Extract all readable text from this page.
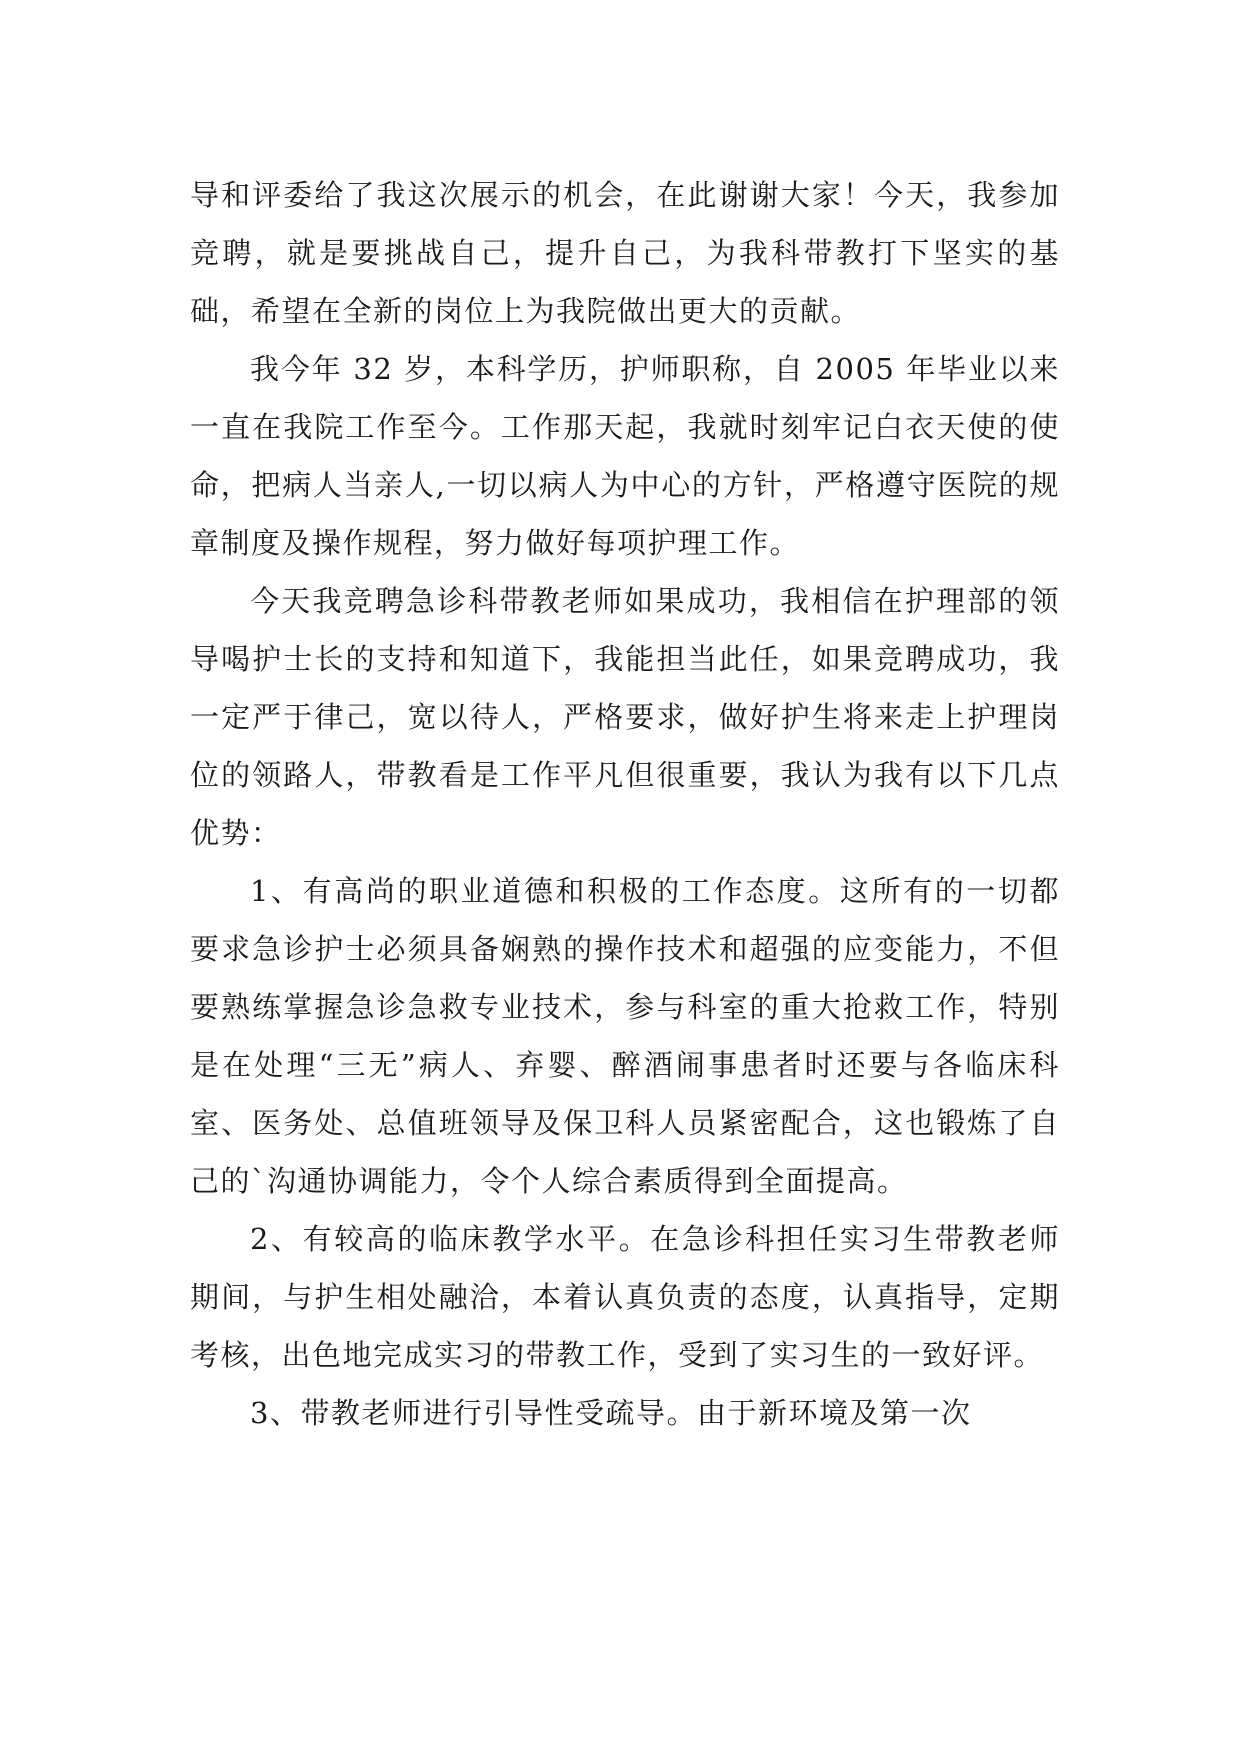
导和评委给了我这次展示的机会，在此谢谢大家！今天，我参加竞聘，就是要挑战自己，提升自己，为我科带教打下坚实的基础，希望在全新的岗位上为我院做出更大的贡献。

我今年 32 岁，本科学历，护师职称，自 2005 年毕业以来一直在我院工作至今。工作那天起，我就时刻牢记白衣天使的使命，把病人当亲人,一切以病人为中心的方针，严格遵守医院的规章制度及操作规程，努力做好每项护理工作。

今天我竞聘急诊科带教老师如果成功，我相信在护理部的领导喝护士长的支持和知道下，我能担当此任，如果竞聘成功，我一定严于律己，宽以待人，严格要求，做好护生将来走上护理岗位的领路人，带教看是工作平凡但很重要，我认为我有以下几点优势：

1、有高尚的职业道德和积极的工作态度。这所有的一切都要求急诊护士必须具备娴熟的操作技术和超强的应变能力，不但要熟练掌握急诊急救专业技术，参与科室的重大抢救工作，特别是在处理“三无”病人、弃婴、醉酒闹事患者时还要与各临床科室、医务处、总值班领导及保卫科人员紧密配合，这也锻炼了自己的`沟通协调能力，令个人综合素质得到全面提高。

2、有较高的临床教学水平。在急诊科担任实习生带教老师期间，与护生相处融洽，本着认真负责的态度，认真指导，定期考核，出色地完成实习的带教工作，受到了实习生的一致好评。

3、带教老师进行引导性受疏导。由于新环境及第一次
